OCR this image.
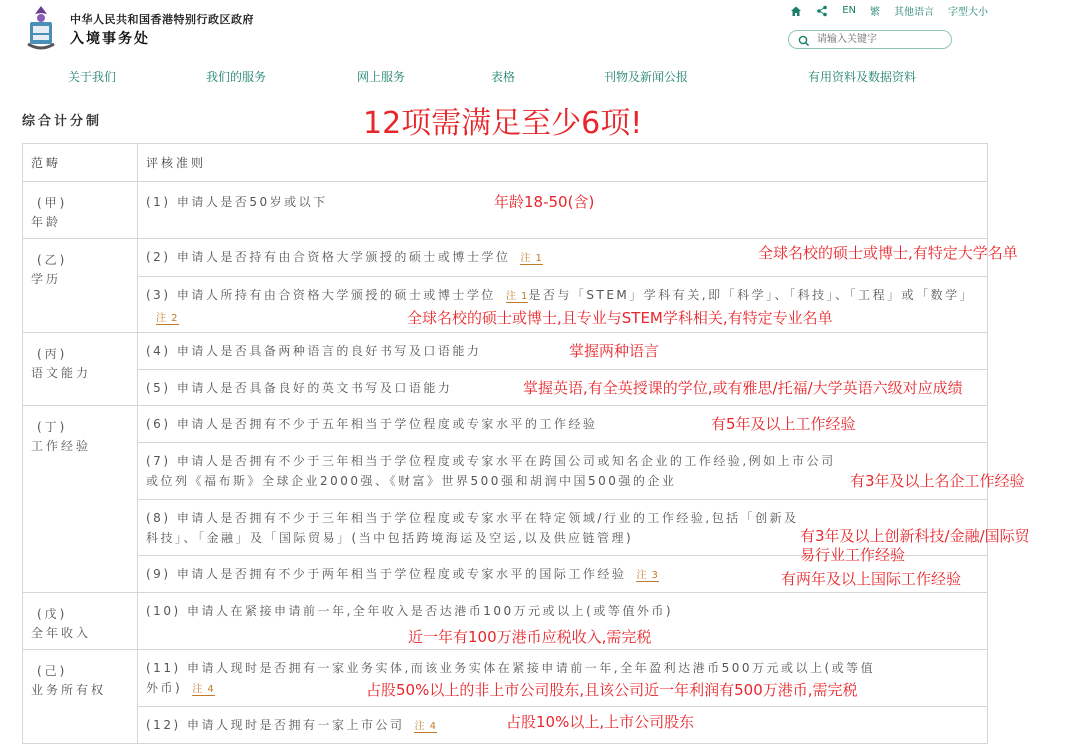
中华人民共和国香港特别行政区政府
入境事务处
EN 繁 其他语言 字型大小
请输入关键字
关于我们	我们的服务	网上服务	表格	刊物及新闻公报	有用资料及数据资料
综合计分制	12项需满足至少6项!
范畴	评核准则

(甲)
年龄	(1) 申请人是否50岁或以下 年龄18-50(含)

(乙)
学历	(2) 申请人是否持有由合资格大学颁授的硕士或博士学位 注 1 全球名校的硕士或博士,有特定大学名单

	(3) 申请人所持有由合资格大学颁授的硕士或博士学位 注 1是否与「STEM」学科有关,即「科学」、「科技」、「工程」或「数学」注 2 全球名校的硕士或博士,且专业与STEM学科相关,有特定专业名单

(丙)
语文能力	(4) 申请人是否具备两种语言的良好书写及口语能力 掌握两种语言

	(5) 申请人是否具备良好的英文书写及口语能力 掌握英语,有全英授课的学位,或有雅思/托福/大学英语六级对应成绩

(丁)
工作经验	(6) 申请人是否拥有不少于五年相当于学位程度或专家水平的工作经验 有5年及以上工作经验

	(7) 申请人是否拥有不少于三年相当于学位程度或专家水平在跨国公司或知名企业的工作经验,例如上市公司或位列《福布斯》全球企业2000强、《财富》世界500强和胡润中国500强的企业 有3年及以上名企工作经验

	(8) 申请人是否拥有不少于三年相当于学位程度或专家水平在特定领域/行业的工作经验,包括「创新及科技」、「金融」及「国际贸易」(当中包括跨境海运及空运,以及供应链管理) 有3年及以上创新科技/金融/国际贸
易行业工作经验

	(9) 申请人是否拥有不少于两年相当于学位程度或专家水平的国际工作经验 注 3 有两年及以上国际工作经验

(戊)
全年收入	(10) 申请人在紧接申请前一年,全年收入是否达港币100万元或以上(或等值外币)
近一年有100万港币应税收入,需完税

(己)
业务所有权	(11) 申请人现时是否拥有一家业务实体,而该业务实体在紧接申请前一年,全年盈利达港币500万元或以上(或等值外币) 注 4 占股50%以上的非上市公司股东,且该公司近一年利润有500万港币,需完税

	(12) 申请人现时是否拥有一家上市公司 注 4 占股10%以上,上市公司股东
